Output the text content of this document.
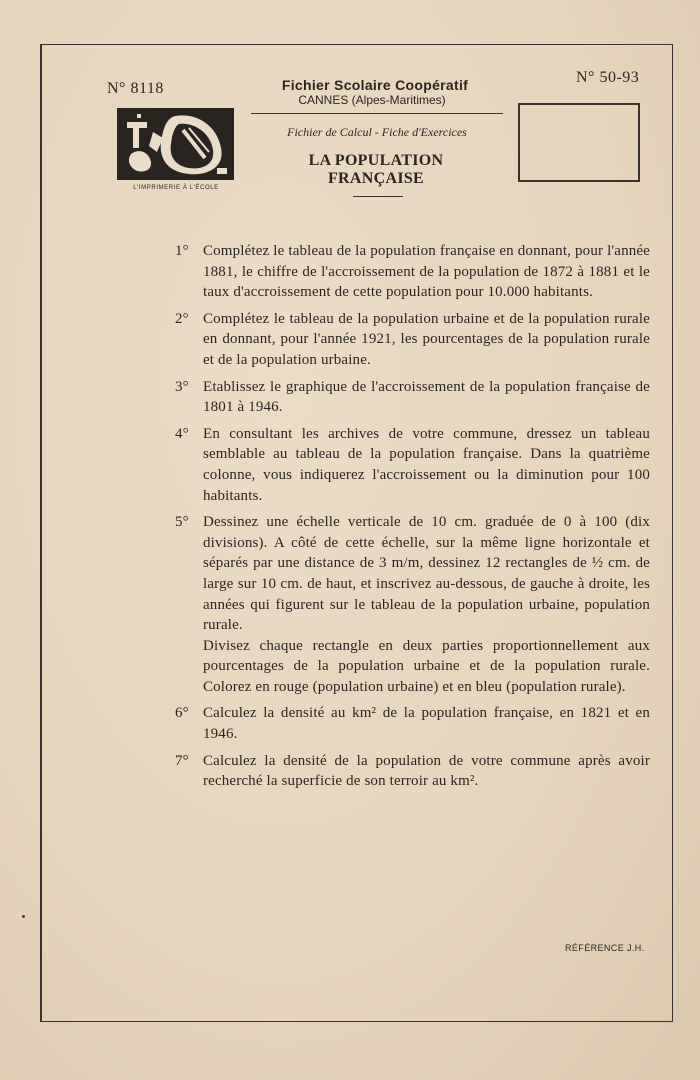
N° 8118
N° 50-93
L'IMPRIMERIE À L'ÉCOLE
Fichier Scolaire Coopératif
CANNES (Alpes-Maritimes)
Fichier de Calcul - Fiche d'Exercices
LA POPULATION
FRANÇAISE
1° Complétez le tableau de la population française en donnant, pour l'année 1881, le chiffre de l'accroissement de la population de 1872 à 1881 et le taux d'accroissement de cette population pour 10.000 habitants.
2° Complétez le tableau de la population urbaine et de la population rurale en donnant, pour l'année 1921, les pourcentages de la population rurale et de la population urbaine.
3° Etablissez le graphique de l'accroissement de la population française de 1801 à 1946.
4° En consultant les archives de votre commune, dressez un tableau semblable au tableau de la population française. Dans la quatrième colonne, vous indiquerez l'accroissement ou la diminution pour 100 habitants.
5° Dessinez une échelle verticale de 10 cm. graduée de 0 à 100 (dix divisions). A côté de cette échelle, sur la même ligne horizontale et séparés par une distance de 3 m/m, dessinez 12 rectangles de ½ cm. de large sur 10 cm. de haut, et inscrivez au-dessous, de gauche à droite, les années qui figurent sur le tableau de la population urbaine, population rurale.
Divisez chaque rectangle en deux parties proportionnellement aux pourcentages de la population urbaine et de la population rurale. Colorez en rouge (population urbaine) et en bleu (population rurale).
6° Calculez la densité au km² de la population française, en 1821 et en 1946.
7° Calculez la densité de la population de votre commune après avoir recherché la superficie de son terroir au km².
RÉFÉRENCE J.H.
